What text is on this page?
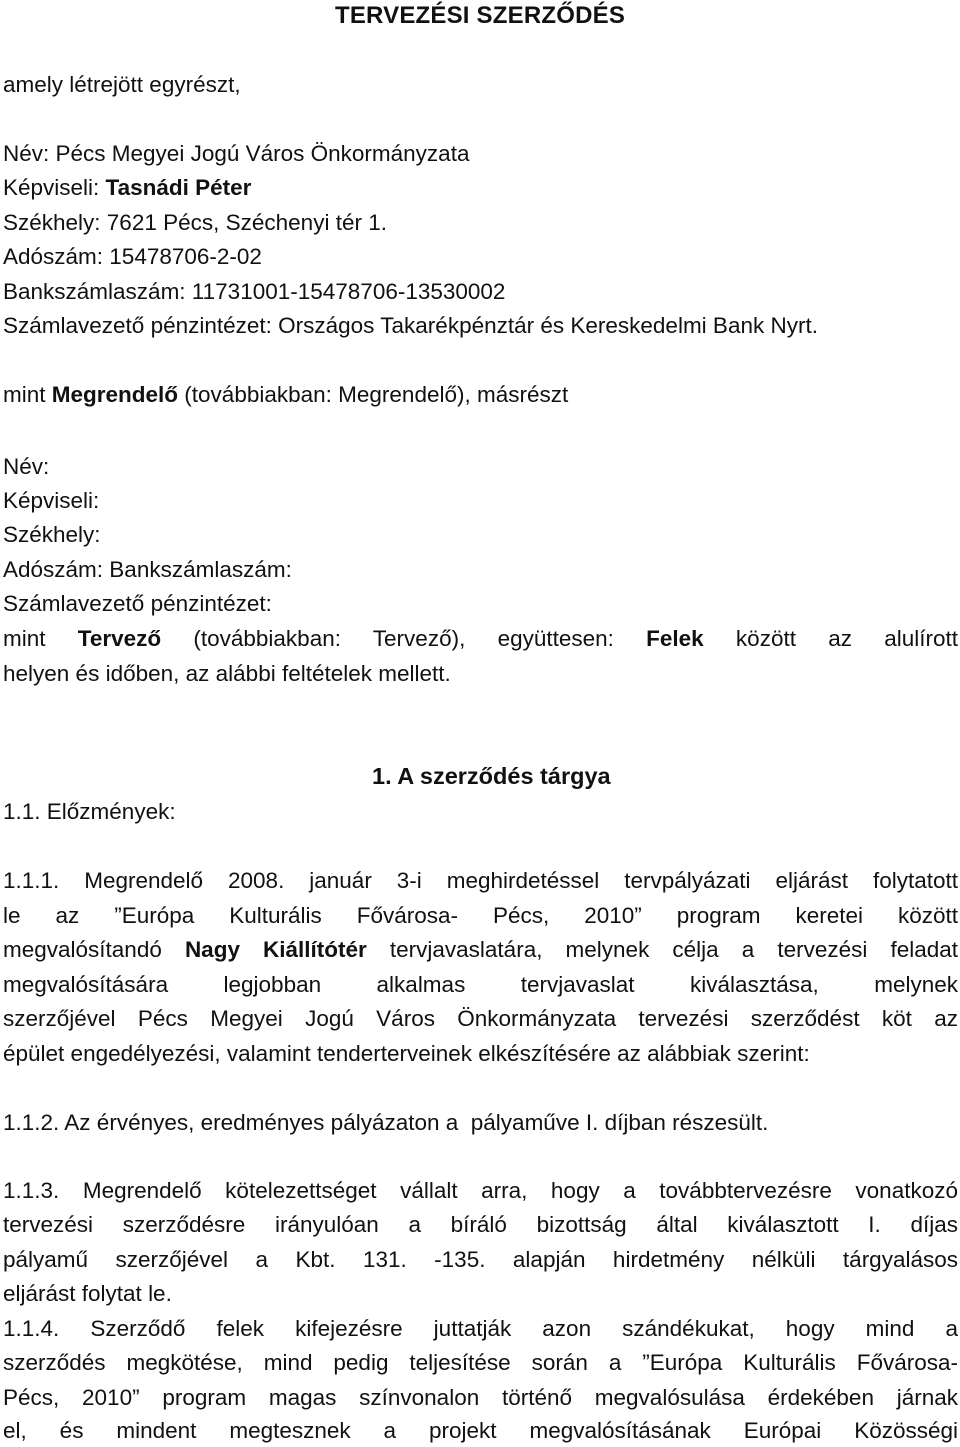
TERVEZÉSI SZERZŐDÉS
amely létrejött egyrészt,
Név: Pécs Megyei Jogú Város Önkormányzata
Képviseli: Tasnádi Péter
Székhely: 7621 Pécs, Széchenyi tér 1.
Adószám: 15478706-2-02
Bankszámlaszám: 11731001-15478706-13530002
Számlavezető pénzintézet: Országos Takarékpénztár és Kereskedelmi Bank Nyrt.
mint Megrendelő (továbbiakban: Megrendelő), másrészt
Név:
Képviseli:
Székhely:
Adószám: Bankszámlaszám:
Számlavezető pénzintézet:
mint Tervező (továbbiakban: Tervező), együttesen: Felek között az alulírott
helyen és időben, az alábbi feltételek mellett.
1. A szerződés tárgya
1.1. Előzmények:
1.1.1. Megrendelő 2008. január 3-i meghirdetéssel tervpályázati eljárást folytatott
le az ”Európa Kulturális Fővárosa- Pécs, 2010” program keretei között
megvalósítandó Nagy Kiállítótér tervjavaslatára, melynek célja a tervezési feladat
megvalósítására legjobban alkalmas tervjavaslat kiválasztása, melynek
szerzőjével Pécs Megyei Jogú Város Önkormányzata tervezési szerződést köt az
épület engedélyezési, valamint tenderterveinek elkészítésére az alábbiak szerint:
1.1.2. Az érvényes, eredményes pályázaton a  pályaműve I. díjban részesült.
1.1.3. Megrendelő kötelezettséget vállalt arra, hogy a továbbtervezésre vonatkozó
tervezési szerződésre irányulóan a bíráló bizottság által kiválasztott I. díjas
pályamű szerzőjével a Kbt. 131. -135. alapján hirdetmény nélküli tárgyalásos
eljárást folytat le.
1.1.4. Szerződő felek kifejezésre juttatják azon szándékukat, hogy mind a
szerződés megkötése, mind pedig teljesítése során a ”Európa Kulturális Fővárosa-
Pécs, 2010” program magas színvonalon történő megvalósulása érdekében járnak
el, és mindent megtesznek a projekt megvalósításának Európai Közösségi
